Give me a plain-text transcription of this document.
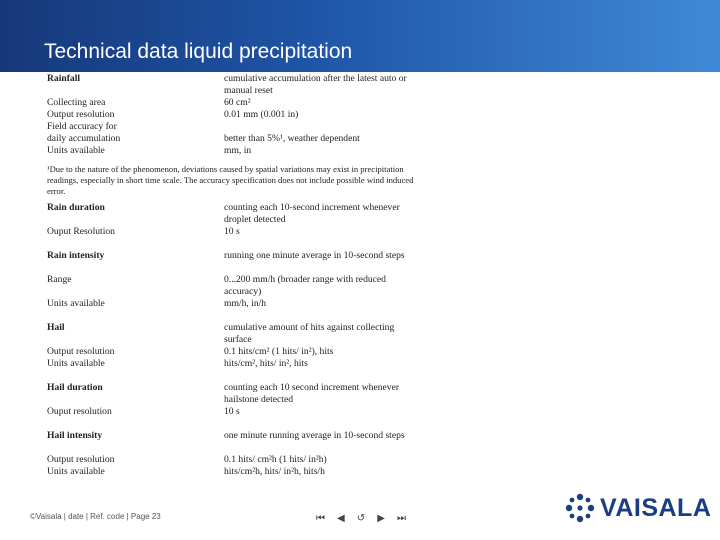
Technical data liquid precipitation
Rainfall	cumulative accumulation after the latest auto or
manual reset
Collecting area	60 cm²
Output resolution	0.01 mm (0.001 in)
Field accuracy for
daily accumulation	better than 5%¹, weather dependent
Units available	mm, in
¹Due to the nature of the phenomenon, deviations caused by spatial variations may exist in precipitation
readings, especially in short time scale. The accuracy specification does not include possible wind induced
error.
Rain duration	counting each 10-second increment whenever
droplet detected
Ouput Resolution	10 s
Rain intensity	running one minute average in 10-second steps
Range	0...200 mm/h (broader range with reduced
accuracy)
Units available	mm/h, in/h
Hail	cumulative amount of hits against collecting
surface
Output resolution	0.1 hits/cm² (1 hits/ in²), hits
Units available	hits/cm², hits/ in², hits
Hail duration	counting each 10 second increment whenever
hailstone detected
Ouput resolution	10 s
Hail intensity	one minute running average in 10-second steps
Output resolution	0.1 hits/ cm²h (1 hits/ in²h)
Units available	hits/cm²h, hits/ in²h, hits/h
©Vaisala | date | Ref. code | Page 23	⏮ ◀ ↺ ▶ ⏭	VAISALA
